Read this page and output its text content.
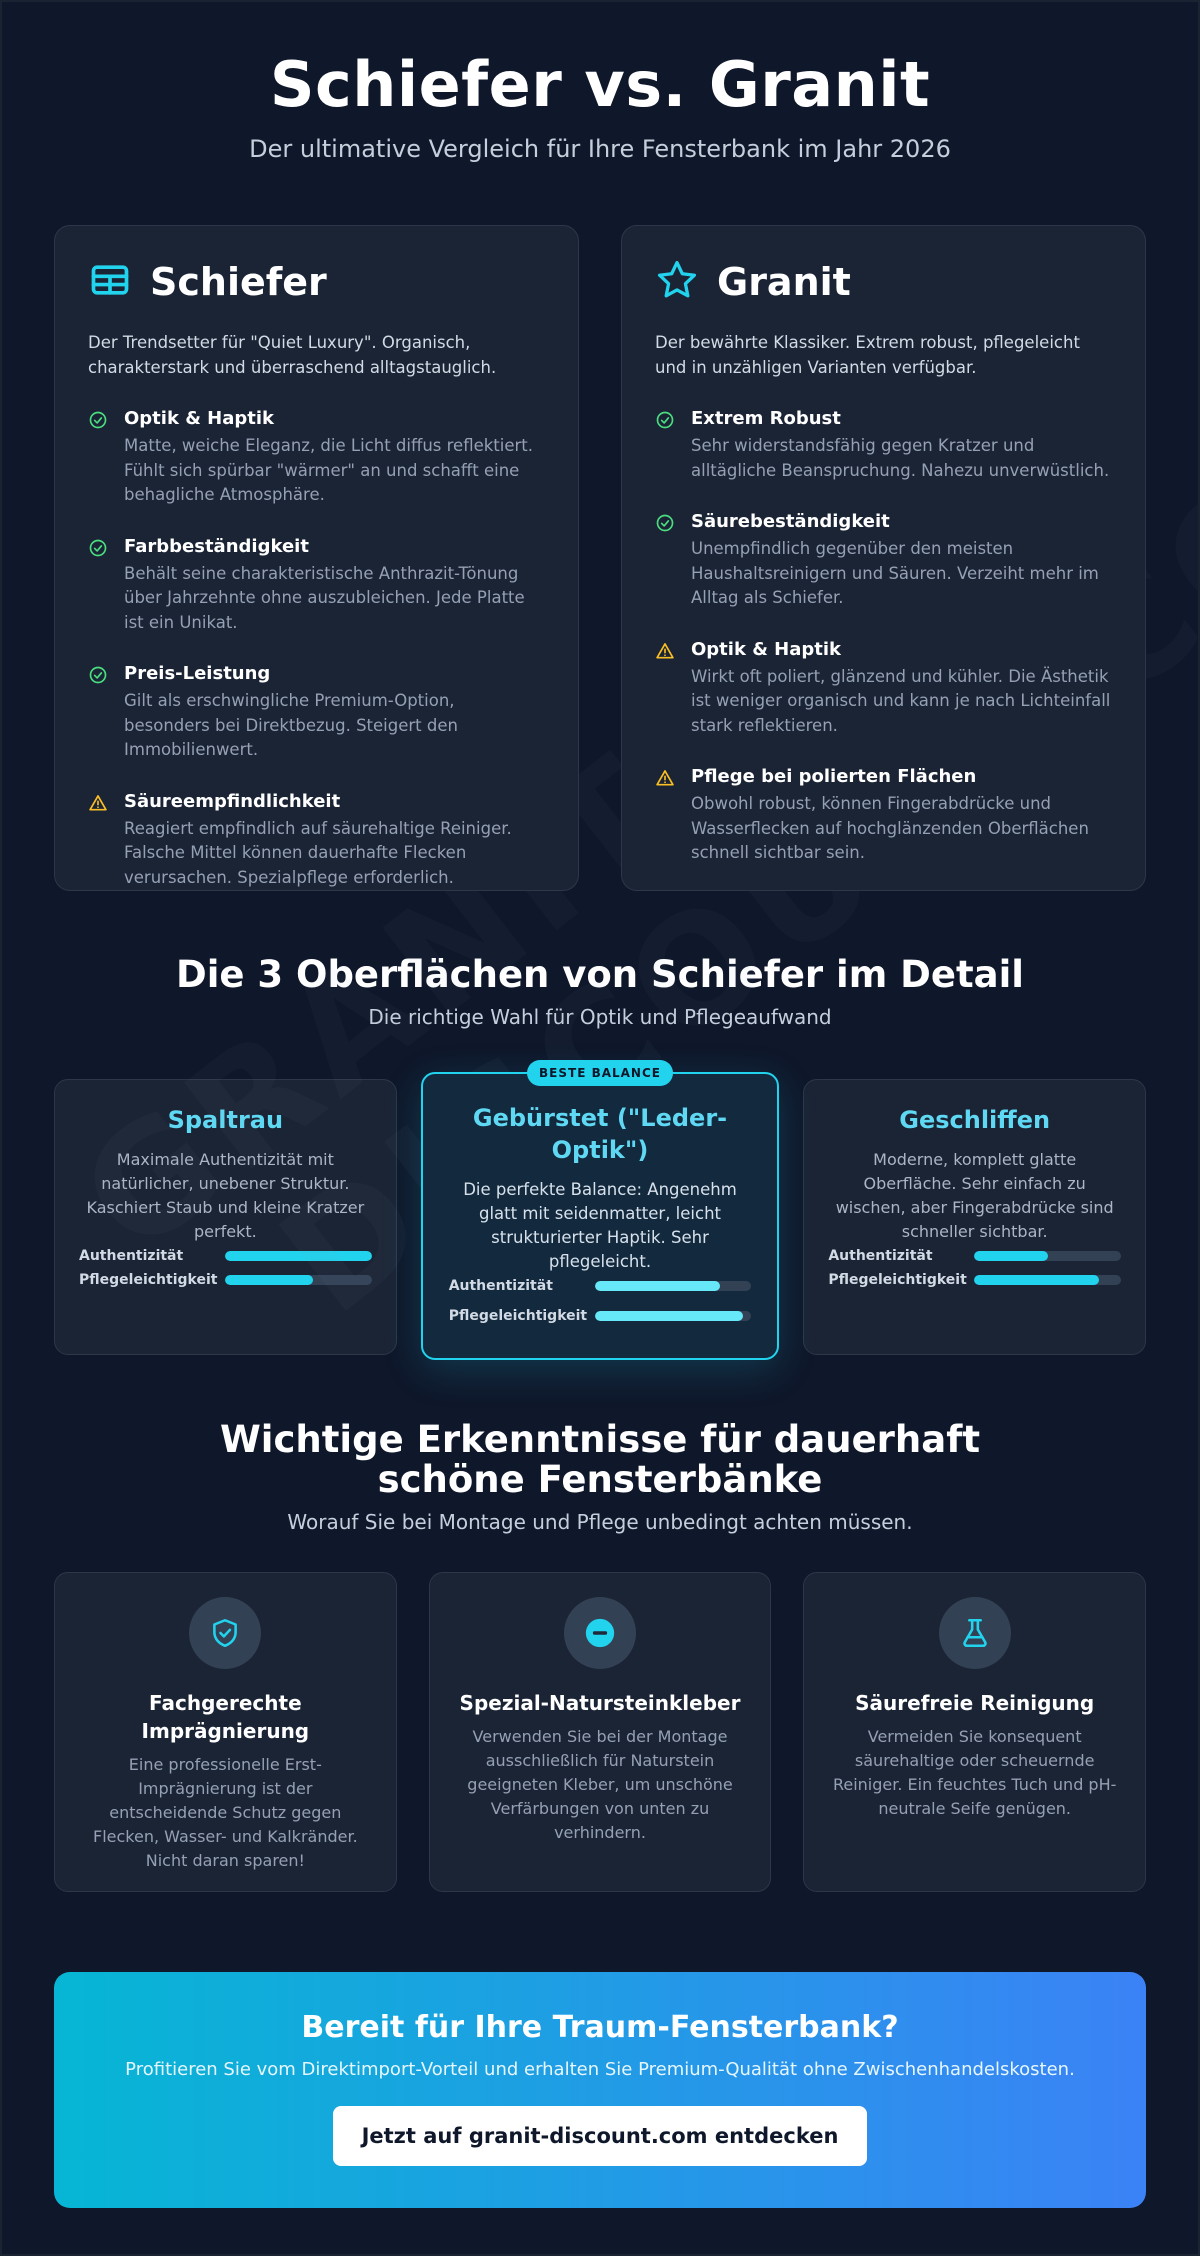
Schiefer vs. Granit

Der ultimative Vergleich für Ihre Fensterbank im Jahr 2026

Schiefer

Der Trendsetter für "Quiet Luxury". Organisch, charakterstark und überraschend alltagstauglich.

Optik & Haptik

Matte, weiche Eleganz, die Licht diffus reflektiert. Fühlt sich spürbar "wärmer" an und schafft eine behagliche Atmosphäre.

Farbbeständigkeit

Behält seine charakteristische Anthrazit-Tönung über Jahrzehnte ohne auszubleichen. Jede Platte ist ein Unikat.

Preis-Leistung

Gilt als erschwingliche Premium-Option, besonders bei Direktbezug. Steigert den Immobilienwert.

Säureempfindlichkeit

Reagiert empfindlich auf säurehaltige Reiniger. Falsche Mittel können dauerhafte Flecken verursachen. Spezialpflege erforderlich.

Granit

Der bewährte Klassiker. Extrem robust, pflegeleicht und in unzähligen Varianten verfügbar.

Extrem Robust

Sehr widerstandsfähig gegen Kratzer und alltägliche Beanspruchung. Nahezu unverwüstlich.

Säurebeständigkeit

Unempfindlich gegenüber den meisten Haushaltsreinigern und Säuren. Verzeiht mehr im Alltag als Schiefer.

Optik & Haptik

Wirkt oft poliert, glänzend und kühler. Die Ästhetik ist weniger organisch und kann je nach Lichteinfall stark reflektieren.

Pflege bei polierten Flächen

Obwohl robust, können Fingerabdrücke und Wasserflecken auf hochglänzenden Oberflächen schnell sichtbar sein.

Die 3 Oberflächen von Schiefer im Detail

Die richtige Wahl für Optik und Pflegeaufwand

Spaltrau

Maximale Authentizität mit natürlicher, unebener Struktur. Kaschiert Staub und kleine Kratzer perfekt.

Authentizität
Pflegeleichtigkeit
BESTE BALANCE
Gebürstet ("Leder-Optik")

Die perfekte Balance: Angenehm glatt mit seidenmatter, leicht strukturierter Haptik. Sehr pflegeleicht.

Authentizität
Pflegeleichtigkeit
Geschliffen

Moderne, komplett glatte Oberfläche. Sehr einfach zu wischen, aber Fingerabdrücke sind schneller sichtbar.

Authentizität
Pflegeleichtigkeit
Wichtige Erkenntnisse für dauerhaft schöne Fensterbänke

Worauf Sie bei Montage und Pflege unbedingt achten müssen.

Fachgerechte Imprägnierung

Eine professionelle Erst-Imprägnierung ist der entscheidende Schutz gegen Flecken, Wasser- und Kalkränder. Nicht daran sparen!

Spezial-Natursteinkleber

Verwenden Sie bei der Montage ausschließlich für Naturstein geeigneten Kleber, um unschöne Verfärbungen von unten zu verhindern.

Säurefreie Reinigung

Vermeiden Sie konsequent säurehaltige oder scheuernde Reiniger. Ein feuchtes Tuch und pH-neutrale Seife genügen.

Bereit für Ihre Traum-Fensterbank?

Profitieren Sie vom Direktimport-Vorteil und erhalten Sie Premium-Qualität ohne Zwischenhandelskosten.

Jetzt auf granit-discount.com entdecken
